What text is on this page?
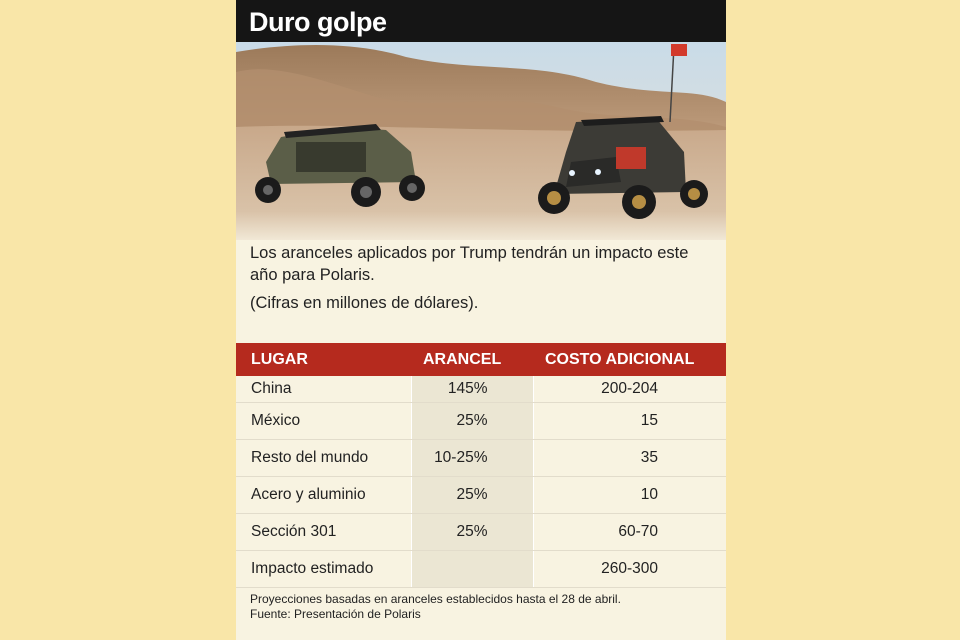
Duro golpe

Los aranceles aplicados por Trump tendrán un impacto este año para Polaris.

(Cifras en millones de dólares).

LUGAR	ARANCEL	COSTO ADICIONAL
China	145%	200-204
México	25%	15
Resto del mundo	10-25%	35
Acero y aluminio	25%	10
Sección 301	25%	60-70
Impacto estimado		260-300

Proyecciones basadas en aranceles establecidos hasta el 28 de abril.

Fuente: Presentación de Polaris
